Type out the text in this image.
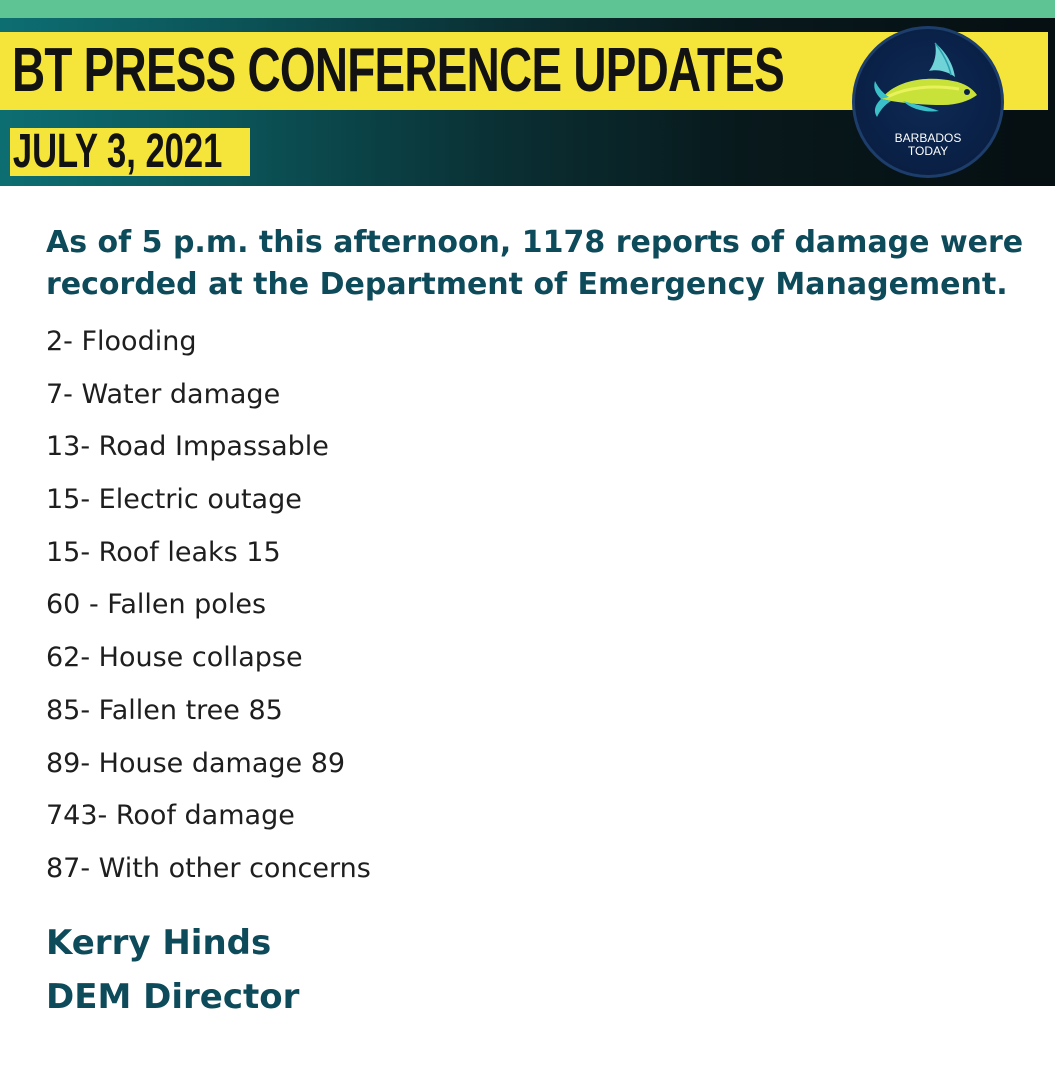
BT PRESS CONFERENCE UPDATES
JULY 3, 2021	BARBADOS
TODAY

As of 5 p.m. this afternoon, 1178 reports of damage were recorded at the Department of Emergency Management.

2- Flooding
7- Water damage
13- Road Impassable
15- Electric outage
15- Roof leaks 15
60 - Fallen poles
62- House collapse
85- Fallen tree 85
89- House damage 89
743- Roof damage
87- With other concerns
Kerry Hinds
DEM Director
